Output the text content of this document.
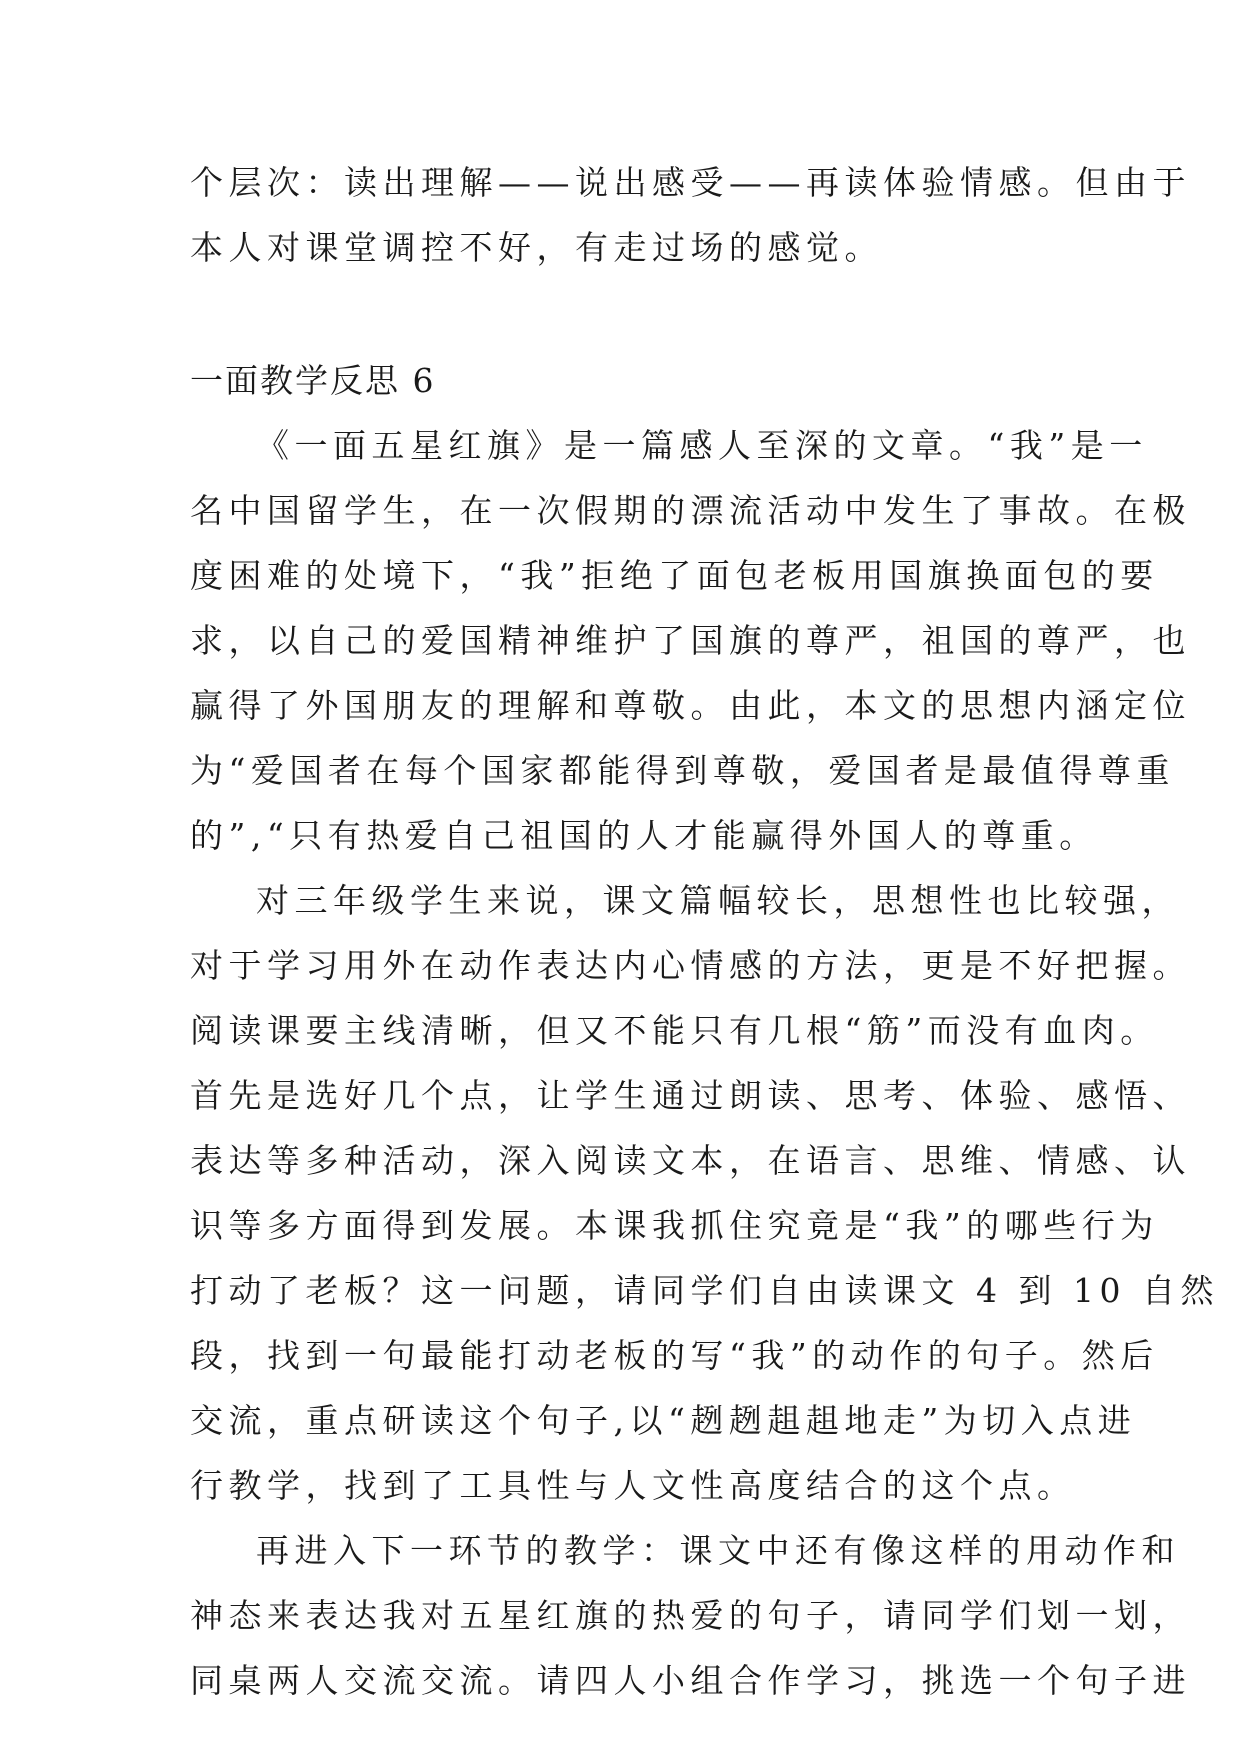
个层次：读出理解——说出感受——再读体验情感。但由于
本人对课堂调控不好，有走过场的感觉。
一面教学反思 6
《一面五星红旗》是一篇感人至深的文章。“我”是一
名中国留学生，在一次假期的漂流活动中发生了事故。在极
度困难的处境下，“我”拒绝了面包老板用国旗换面包的要
求，以自己的爱国精神维护了国旗的尊严，祖国的尊严，也
赢得了外国朋友的理解和尊敬。由此，本文的思想内涵定位
为“爱国者在每个国家都能得到尊敬，爱国者是最值得尊重
的”,“只有热爱自己祖国的人才能赢得外国人的尊重。
对三年级学生来说，课文篇幅较长，思想性也比较强，
对于学习用外在动作表达内心情感的方法，更是不好把握。
阅读课要主线清晰，但又不能只有几根“筋”而没有血肉。
首先是选好几个点，让学生通过朗读、思考、体验、感悟、
表达等多种活动，深入阅读文本，在语言、思维、情感、认
识等多方面得到发展。本课我抓住究竟是“我”的哪些行为
打动了老板？这一问题，请同学们自由读课文 4 到 10 自然
段，找到一句最能打动老板的写“我”的动作的句子。然后
交流，重点研读这个句子,以“趔趔趄趄地走”为切入点进
行教学，找到了工具性与人文性高度结合的这个点。
再进入下一环节的教学：课文中还有像这样的用动作和
神态来表达我对五星红旗的热爱的句子，请同学们划一划，
同桌两人交流交流。请四人小组合作学习，挑选一个句子进
